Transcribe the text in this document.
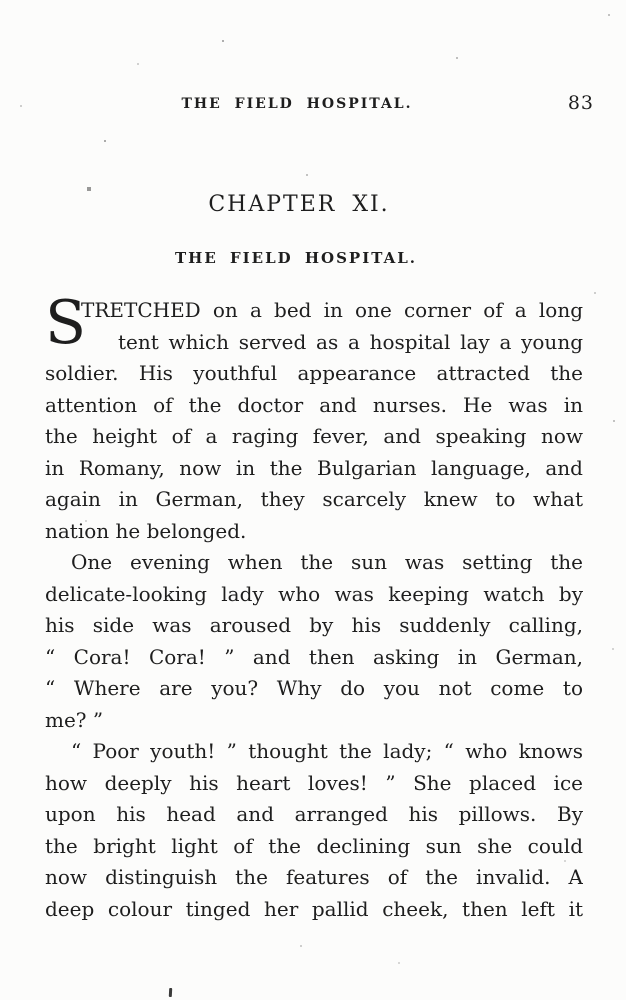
THE FIELD HOSPITAL.	83
CHAPTER XI.
THE FIELD HOSPITAL.
S
TRETCHED on a bed in one corner of a long
tent which served as a hospital lay a young
soldier. His youthful appearance attracted the
attention of the doctor and nurses. He was in
the height of a raging fever, and speaking now
in Romany, now in the Bulgarian language, and
again in German, they scarcely knew to what
nation he belonged.
One evening when the sun was setting the
delicate-looking lady who was keeping watch by
his side was aroused by his suddenly calling,
“ Cora! Cora! ” and then asking in German,
“ Where are you? Why do you not come to
me? ”
“ Poor youth! ” thought the lady; “ who knows
how deeply his heart loves! ” She placed ice
upon his head and arranged his pillows. By
the bright light of the declining sun she could
now distinguish the features of the invalid. A
deep colour tinged her pallid cheek, then left it
